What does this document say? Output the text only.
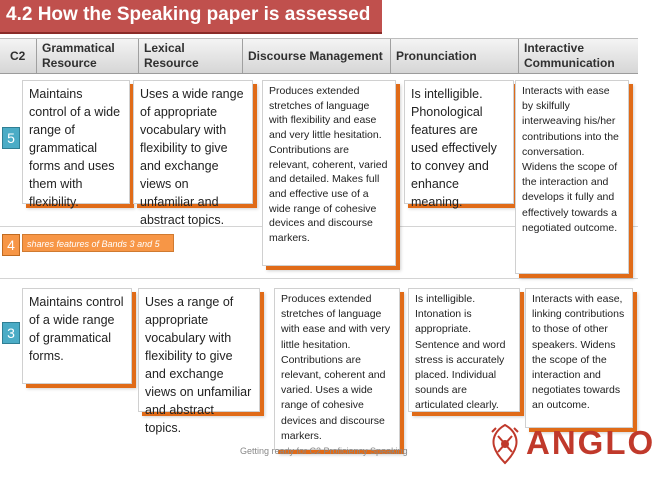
4.2 How the Speaking paper is assessed
C2
Grammatical Resource
Lexical Resource	Discourse Management Pronunciation
Interactive Communication
5
4
3
shares features of Bands 3 and 5
Maintains control of a wide range of grammatical forms and uses them with flexibility.
Uses a wide range of appropriate vocabulary with flexibility to give and exchange views on unfamiliar and abstract topics.
Produces extended stretches of language with flexibility and ease and very little hesitation. Contributions are relevant, coherent, varied and detailed. Makes full and effective use of a wide range of cohesive devices and discourse markers.
Is intelligible. Phonological features are used effectively to convey and enhance meaning.
Interacts with ease by skilfully interweaving his/her contributions into the conversation. Widens the scope of the interaction and develops it fully and effectively towards a negotiated outcome.
Maintains control of a wide range of grammatical forms.
Uses a range of appropriate vocabulary with flexibility to give and exchange views on unfamiliar and abstract topics.
Produces extended stretches of language with ease and with very little hesitation. Contributions are relevant, coherent and varied. Uses a wide range of cohesive devices and discourse markers.
Is intelligible. Intonation is appropriate. Sentence and word stress is accurately placed. Individual sounds are articulated clearly.
Interacts with ease, linking contributions to those of other speakers. Widens the scope of the interaction and negotiates towards an outcome.
Getting ready for C2 Proficiency Speaking	ANGLO
